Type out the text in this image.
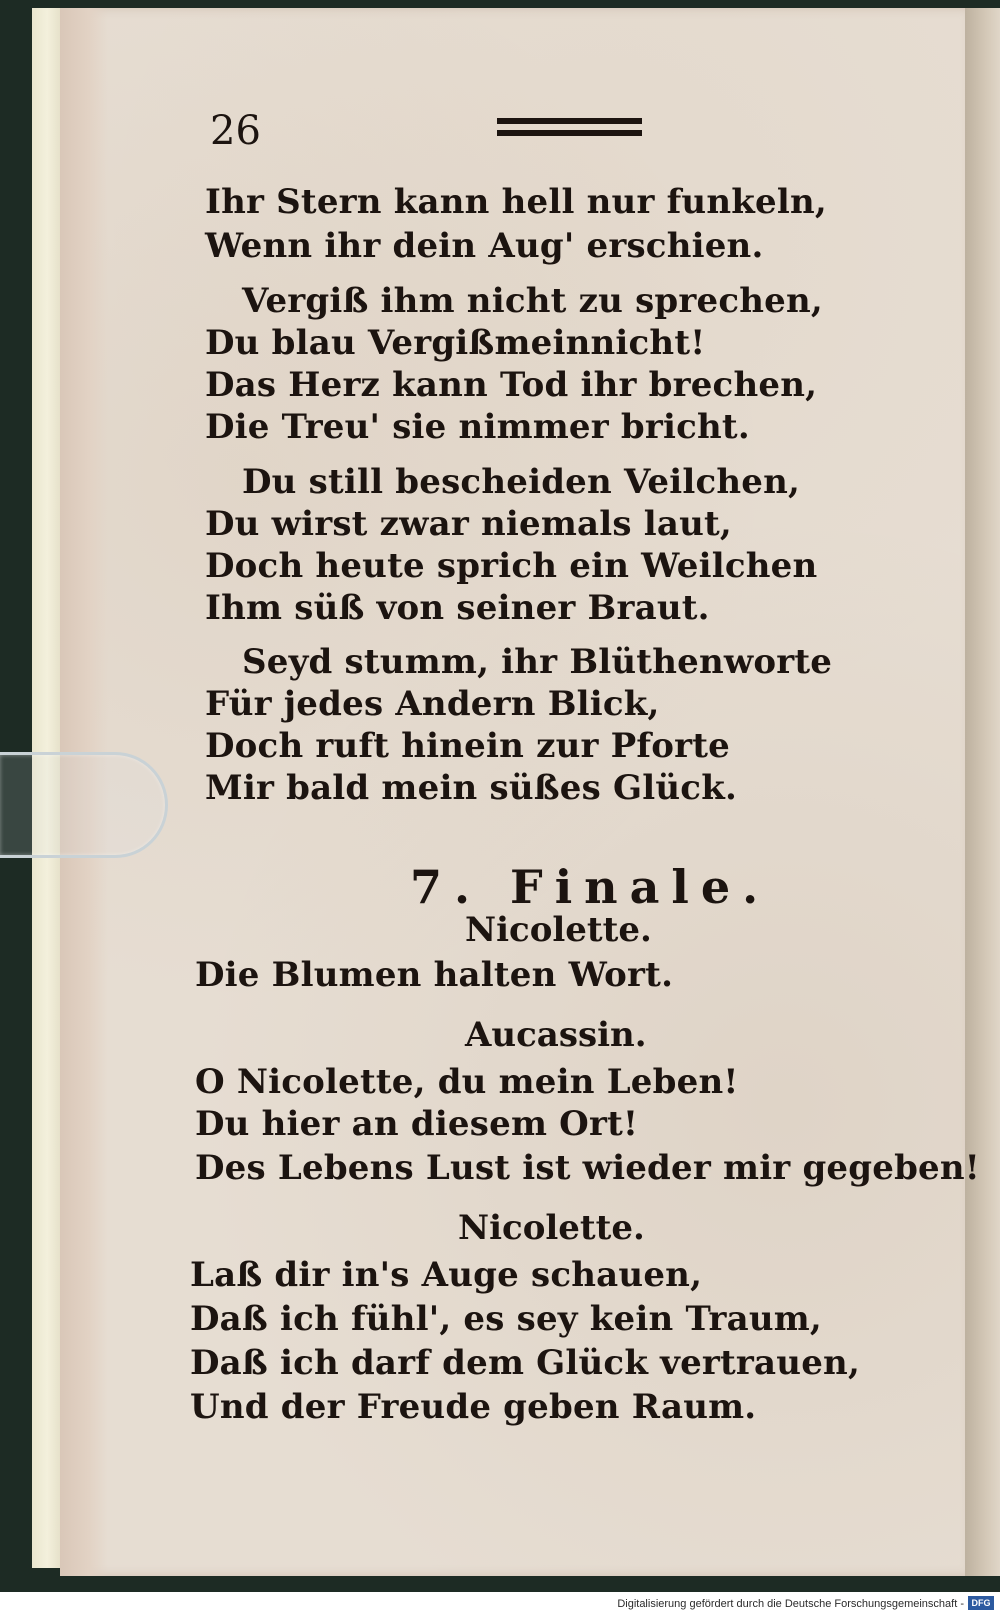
26
Ihr Stern kann hell nur funkeln,
Wenn ihr dein Aug' erschien.
Vergiß ihm nicht zu sprechen,
Du blau Vergißmeinnicht!
Das Herz kann Tod ihr brechen,
Die Treu' sie nimmer bricht.
Du still bescheiden Veilchen,
Du wirst zwar niemals laut,
Doch heute sprich ein Weilchen
Ihm süß von seiner Braut.
Seyd stumm, ihr Blüthenworte
Für jedes Andern Blick,
Doch ruft hinein zur Pforte
Mir bald mein süßes Glück.
7. Finale.
Nicolette.
Die Blumen halten Wort.
Aucassin.
O Nicolette, du mein Leben!
Du hier an diesem Ort!
Des Lebens Lust ist wieder mir gegeben!
Nicolette.
Laß dir in's Auge schauen,
Daß ich fühl', es sey kein Traum,
Daß ich darf dem Glück vertrauen,
Und der Freude geben Raum.
Digitalisierung gefördert durch die Deutsche Forschungsgemeinschaft - DFG
